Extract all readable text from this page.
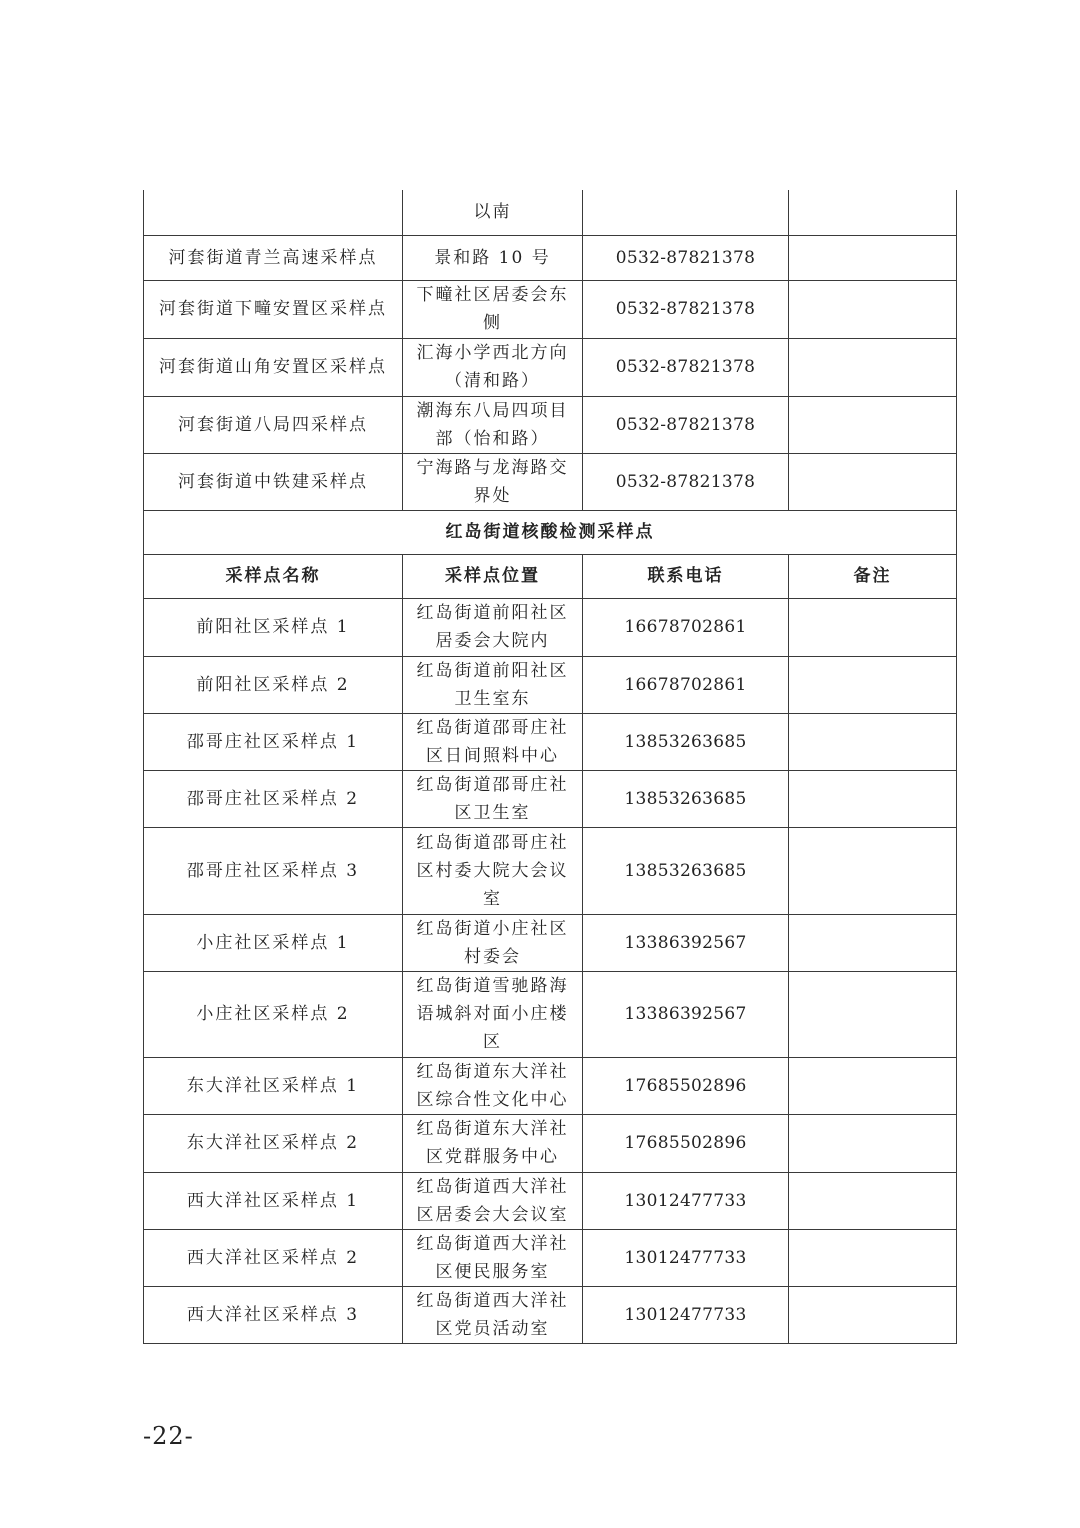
	以南		
河套街道青兰高速采样点	景和路 10 号	0532-87821378	
河套街道下疃安置区采样点	下疃社区居委会东侧	0532-87821378	
河套街道山角安置区采样点	汇海小学西北方向（清和路）	0532-87821378	
河套街道八局四采样点	潮海东八局四项目部（怡和路）	0532-87821378	
河套街道中铁建采样点	宁海路与龙海路交界处	0532-87821378	
红岛街道核酸检测采样点			
采样点名称	采样点位置	联系电话	备注
前阳社区采样点 1	红岛街道前阳社区居委会大院内	16678702861	
前阳社区采样点 2	红岛街道前阳社区卫生室东	16678702861	
邵哥庄社区采样点 1	红岛街道邵哥庄社区日间照料中心	13853263685	
邵哥庄社区采样点 2	红岛街道邵哥庄社区卫生室	13853263685	
邵哥庄社区采样点 3	红岛街道邵哥庄社区村委大院大会议室	13853263685	
小庄社区采样点 1	红岛街道小庄社区村委会	13386392567	
小庄社区采样点 2	红岛街道雪驰路海语城斜对面小庄楼区	13386392567	
东大洋社区采样点 1	红岛街道东大洋社区综合性文化中心	17685502896	
东大洋社区采样点 2	红岛街道东大洋社区党群服务中心	17685502896	
西大洋社区采样点 1	红岛街道西大洋社区居委会大会议室	13012477733	
西大洋社区采样点 2	红岛街道西大洋社区便民服务室	13012477733	
西大洋社区采样点 3	红岛街道西大洋社区党员活动室	13012477733	
-22-
